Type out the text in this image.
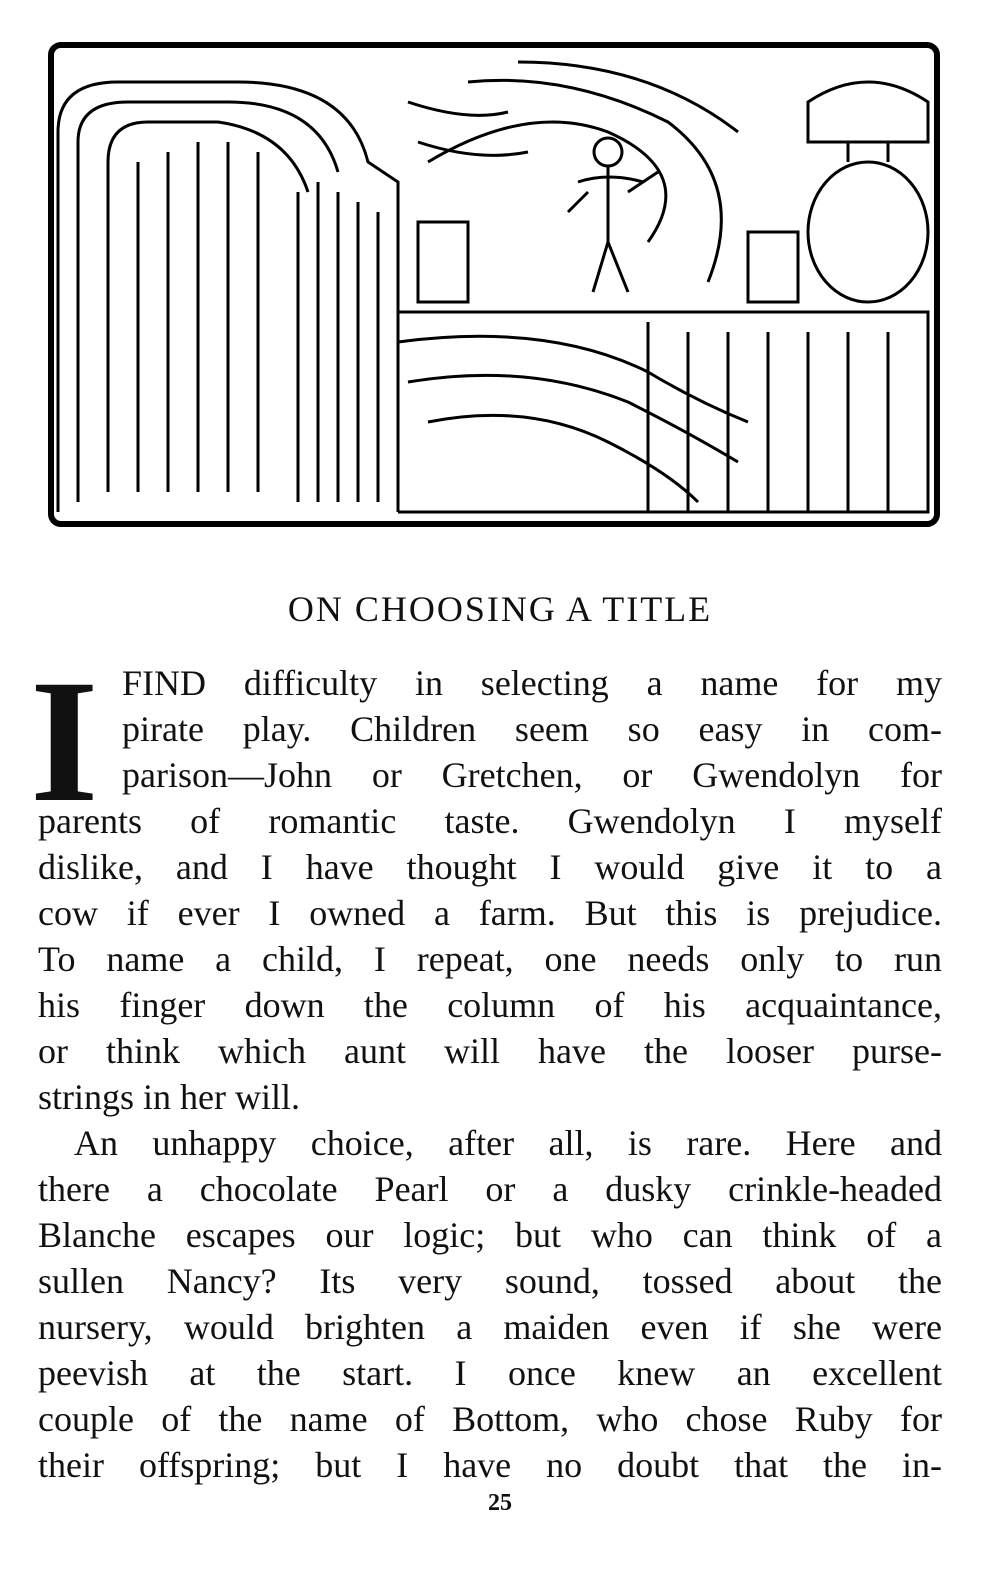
ON CHOOSING A TITLE
I FIND difficulty in selecting a name for my
pirate play. Children seem so easy in com-
parison—John or Gretchen, or Gwendolyn for
parents of romantic taste. Gwendolyn I myself
dislike, and I have thought I would give it to a
cow if ever I owned a farm. But this is prejudice.
To name a child, I repeat, one needs only to run
his finger down the column of his acquaintance,
or think which aunt will have the looser purse-
strings in her will.
An unhappy choice, after all, is rare. Here and
there a chocolate Pearl or a dusky crinkle-headed
Blanche escapes our logic; but who can think of a
sullen Nancy? Its very sound, tossed about the
nursery, would brighten a maiden even if she were
peevish at the start. I once knew an excellent
couple of the name of Bottom, who chose Ruby for
their offspring; but I have no doubt that the in-
25
